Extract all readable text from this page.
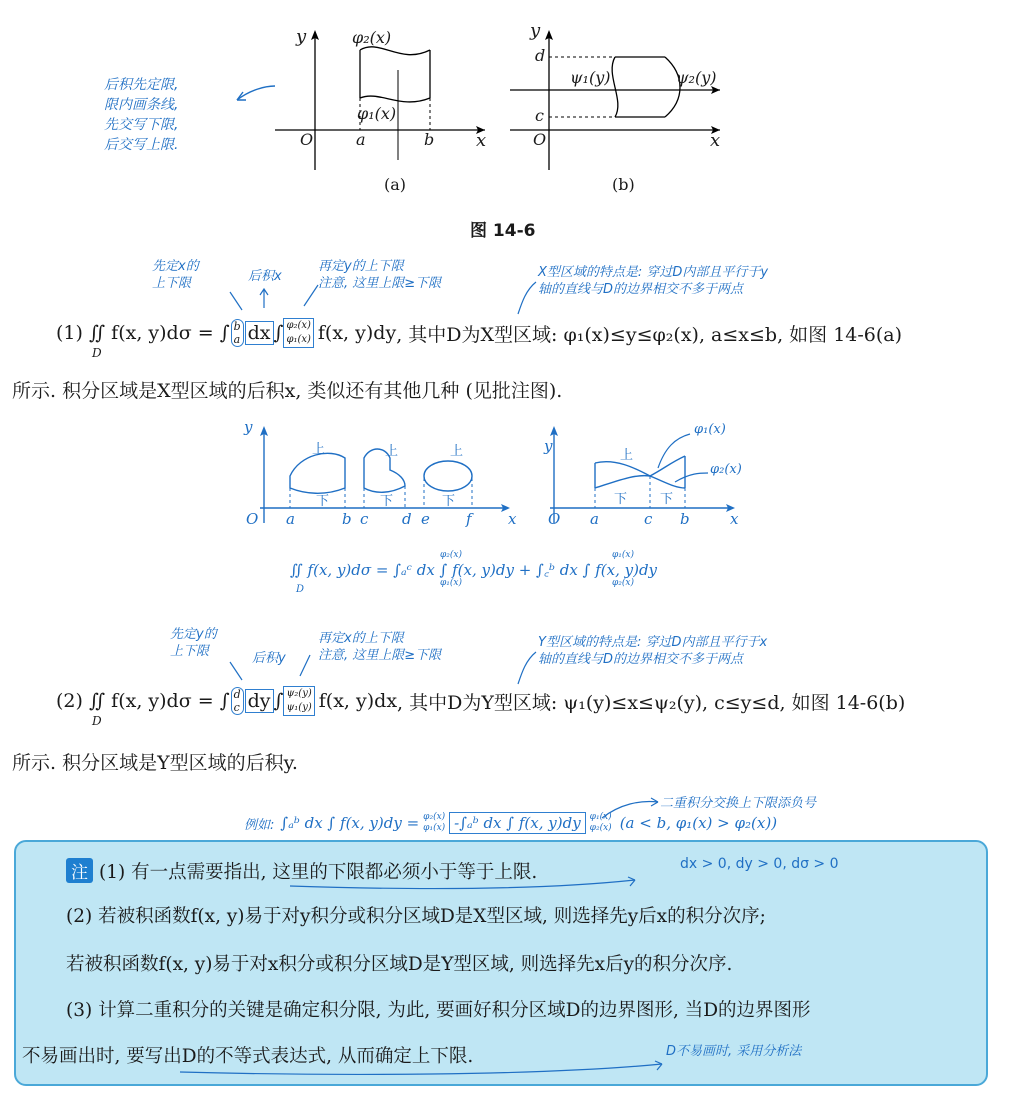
后积先定限,
限内画条线,
先交写下限,
后交写上限.
y	φ₂(x)
φ₁(x)
O	a	b x
(a)
y
d
c
ψ₁(y)	ψ₂(y)
O	x
(b)
图 14-6
先定x的
上下限	后积x
再定y的上下限
注意, 这里上限≥下限
X型区域的特点是: 穿过D内部且平行于y
轴的直线与D的边界相交不多于两点
(1) ∬ f(x, y)dσ = ∫ b
a dx ∫ φ₂(x)
φ₁(x) f(x, y)dy , 其中D为X型区域: φ₁(x)≤y≤φ₂(x), a≤x≤b, 如图 14-6(a)
D
所示. 积分区域是X型区域的后积x, 类似还有其他几种 (见批注图).
y
上	上	上
下	下	下
O a	b c d e f x
y
上
下	下
φ₁(x)
φ₂(x)
O a	c b	x
∬ f(x, y)dσ = ∫ₐᶜ dx ∫ f(x, y)dy + ∫꜀ᵇ dx ∫ f(x, y)dy
φ₂(x)
φ₁(x)
φ₁(x)
φ₂(x)
D
先定y的
上下限	后积y
再定x的上下限
注意, 这里上限≥下限
Y型区域的特点是: 穿过D内部且平行于x
轴的直线与D的边界相交不多于两点
(2) ∬ f(x, y)dσ = ∫ d
c dy ∫ ψ₂(y)
ψ₁(y) f(x, y)dx , 其中D为Y型区域: ψ₁(y)≤x≤ψ₂(y), c≤y≤d, 如图 14-6(b)
D
所示. 积分区域是Y型区域的后积y.
二重积分交换上下限添负号
例如: ∫ₐᵇ dx ∫ f(x, y)dy = φ₂(x)
φ₁(x) -∫ₐᵇ dx ∫ f(x, y)dy	φ₁(x)
φ₂(x) (a < b, φ₁(x) > φ₂(x))
注 (1) 有一点需要指出, 这里的下限都必须小于等于上限.	dx > 0, dy > 0, dσ > 0
(2) 若被积函数f(x, y)易于对y积分或积分区域D是X型区域, 则选择先y后x的积分次序;
若被积函数f(x, y)易于对x积分或积分区域D是Y型区域, 则选择先x后y的积分次序.
(3) 计算二重积分的关键是确定积分限, 为此, 要画好积分区域D的边界图形, 当D的边界图形
不易画出时, 要写出D的不等式表达式, 从而确定上下限.	D不易画时, 采用分析法
